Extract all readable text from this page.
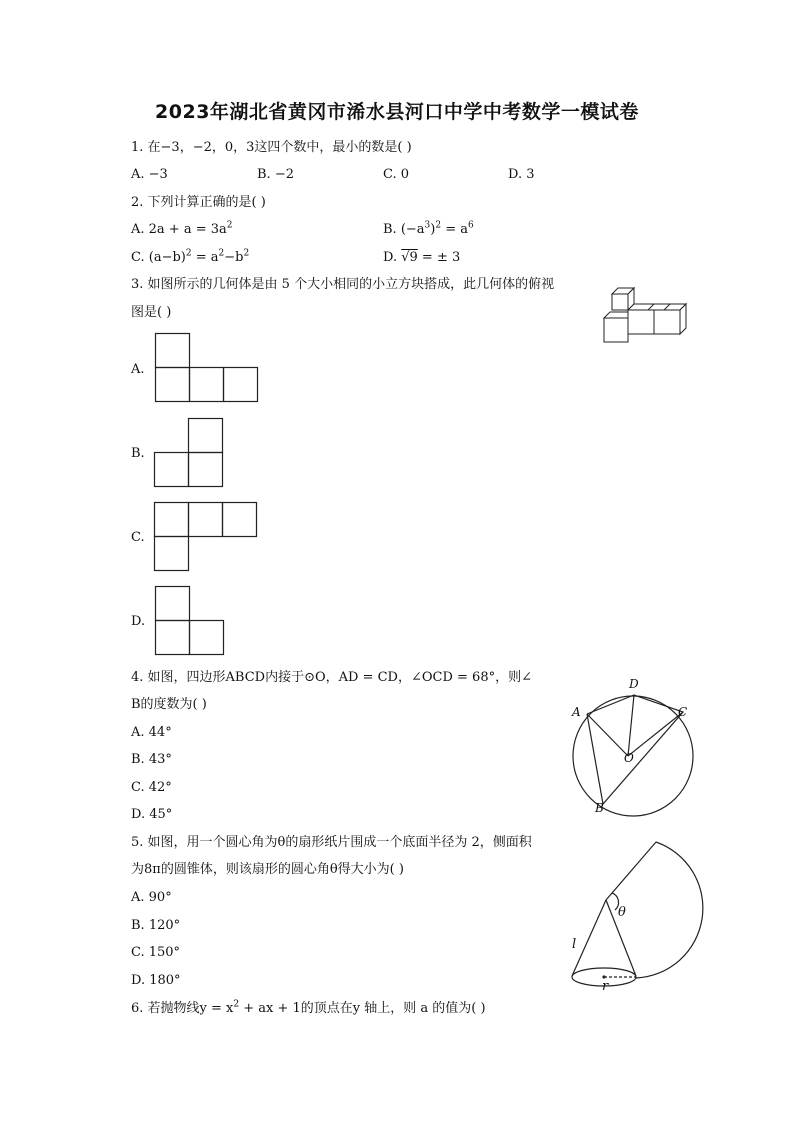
2023年湖北省黄冈市浠水县河口中学中考数学一模试卷
1. 在−3，−2，0，3这四个数中，最小的数是( )
A. −3	B. −2	C. 0	D. 3
2. 下列计算正确的是( )
A. $2a + a = 3a^2$	B. $(-a^3)^2 = a^6$
C. $(a-b)^2 = a^2-b^2$	D. √9 = ± 3
3. 如图所示的几何体是由 5 个大小相同的小立方块搭成，此几何体的俯视
图是( )
A.
B.
C.
D.
4. 如图，四边形ABCD内接于⊙O，AD = CD，∠OCD = 68°，则∠
B的度数为( )
A. 44°
B. 43°
C. 42°
D. 45°
A
B
C
D
O
5. 如图，用一个圆心角为θ的扇形纸片围成一个底面半径为 2，侧面积
为8π的圆锥体，则该扇形的圆心角θ得大小为( )
A. 90°
B. 120°
C. 150°
D. 180°
θ
l
r
6. 若抛物线$y = x^2$ + ax + 1的顶点在y 轴上，则 a 的值为( )
